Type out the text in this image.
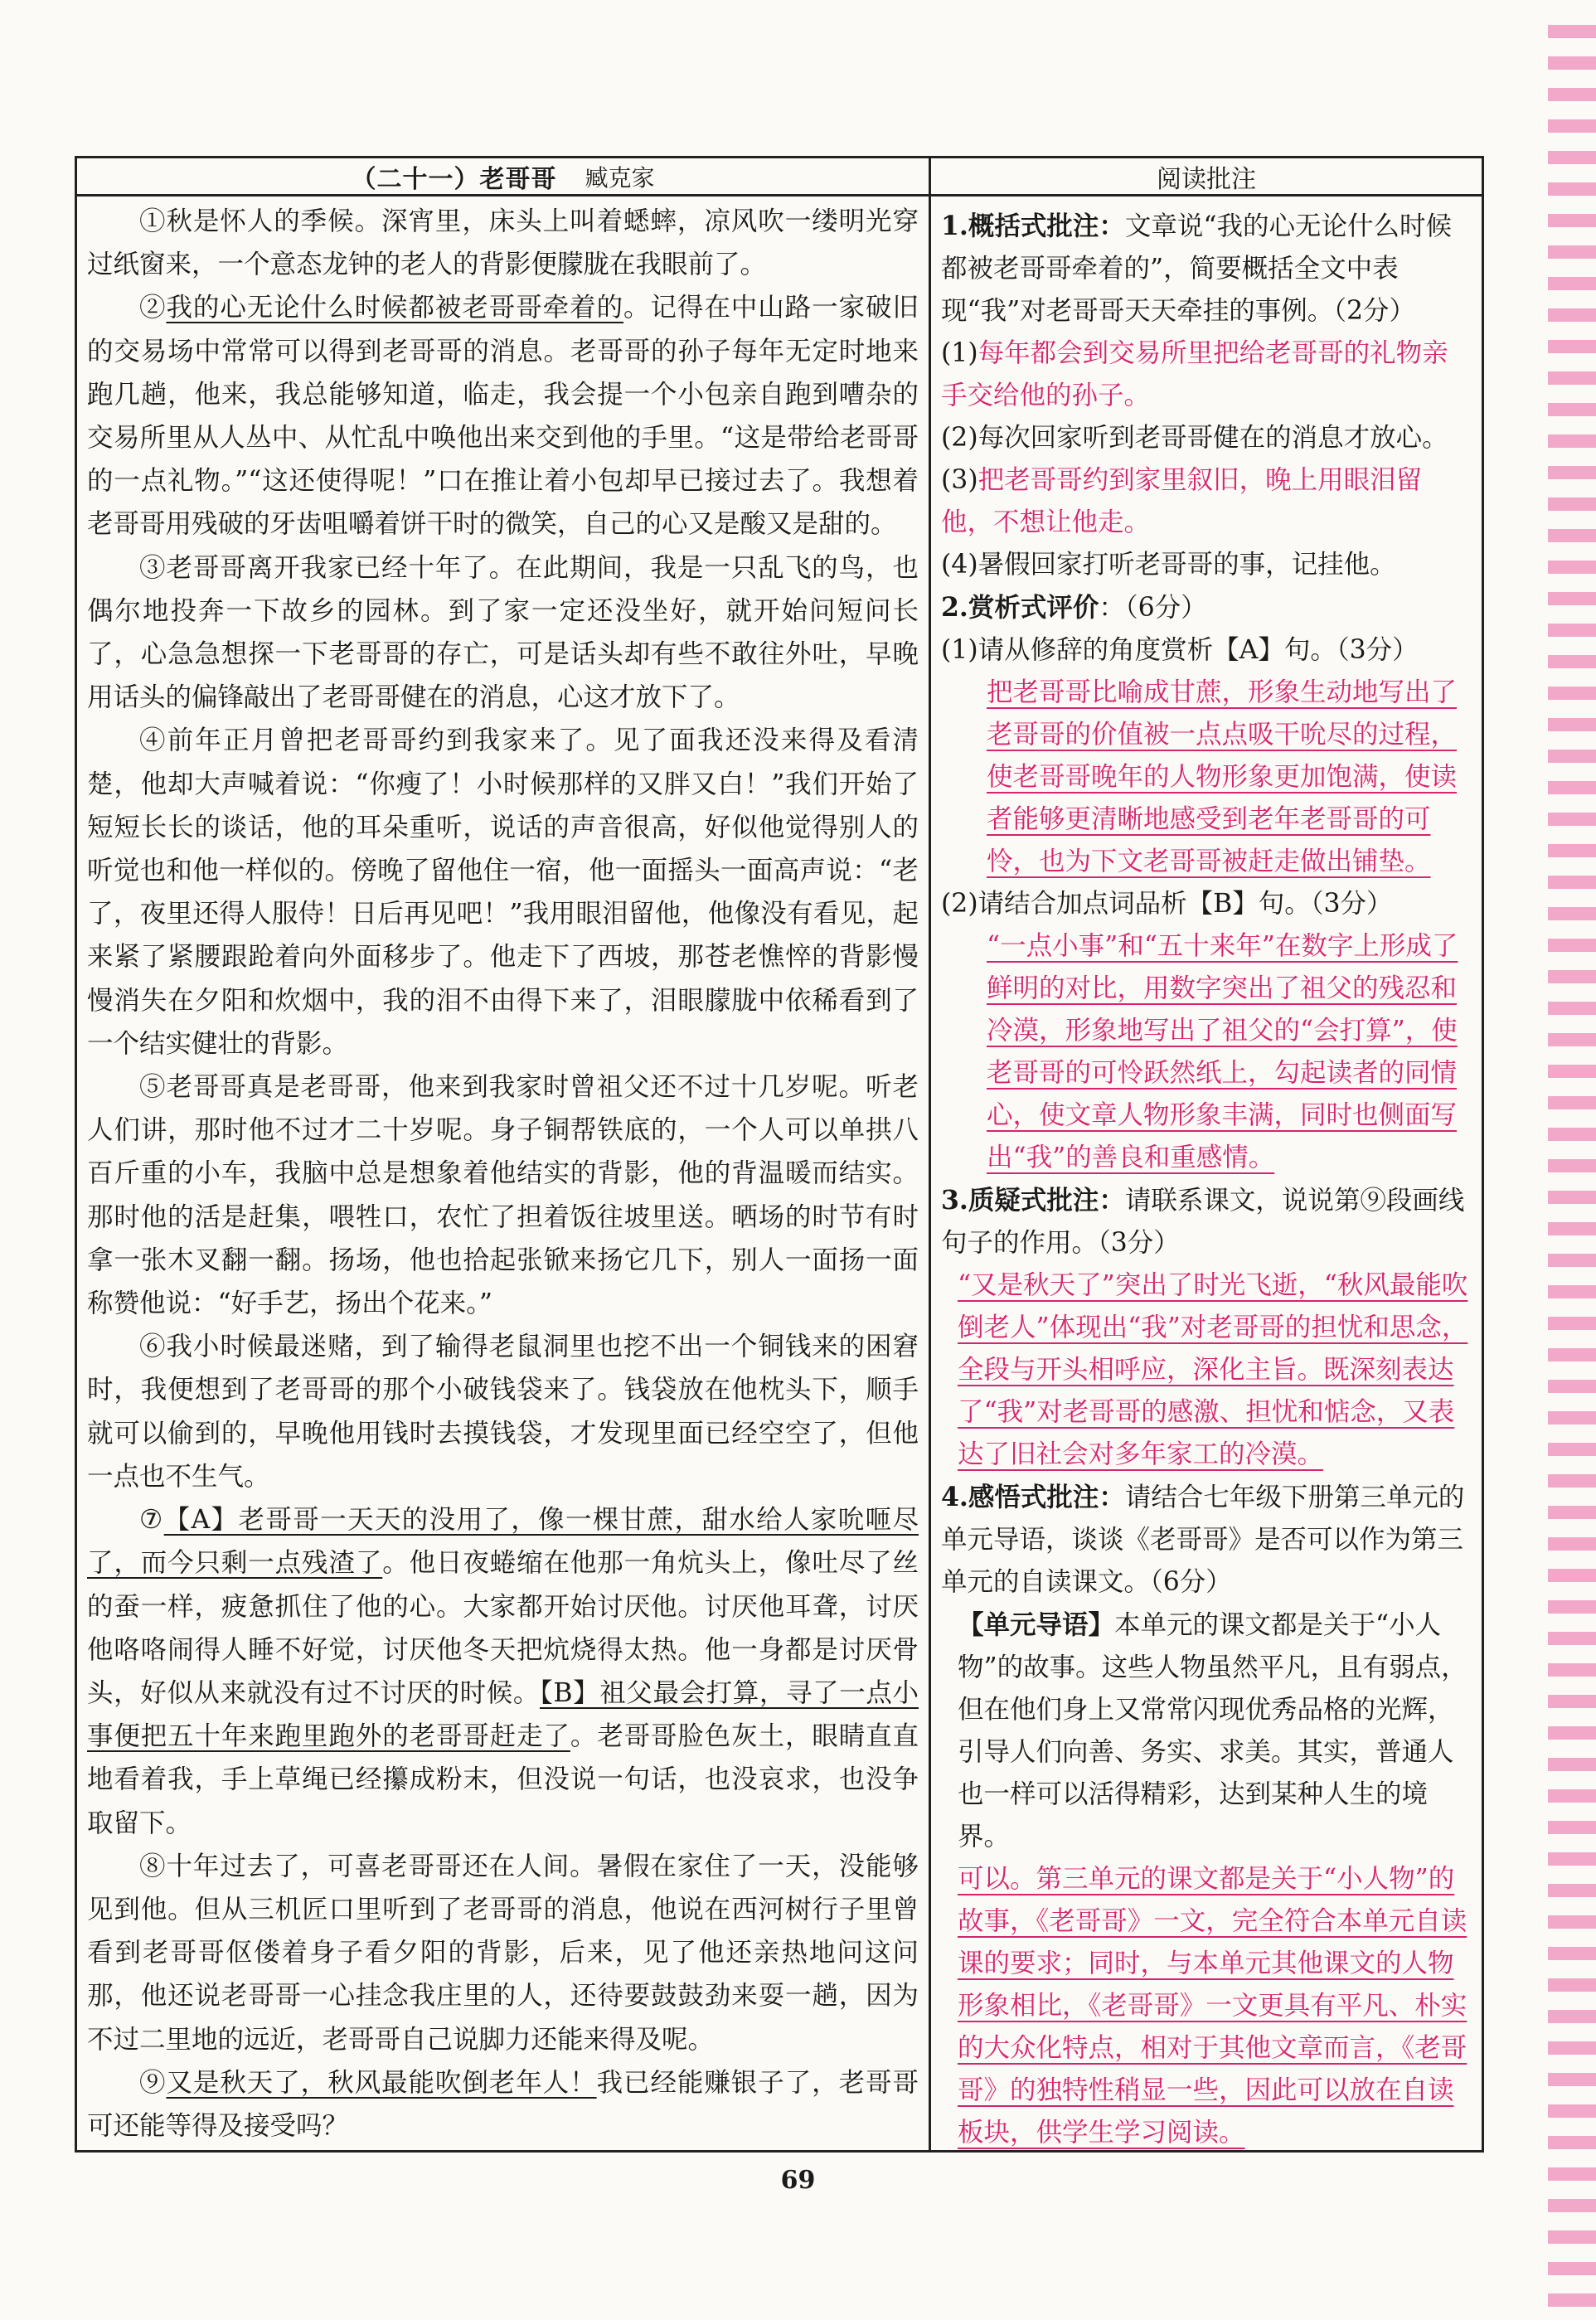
（二十一）老哥哥 臧克家

①秋是怀人的季候。深宵里，床头上叫着蟋蟀，凉风吹一缕明光穿过纸窗来，一个意态龙钟的老人的背影便朦胧在我眼前了。

②我的心无论什么时候都被老哥哥牵着的。记得在中山路一家破旧的交易场中常常可以得到老哥哥的消息。老哥哥的孙子每年无定时地来跑几趟，他来，我总能够知道，临走，我会提一个小包亲自跑到嘈杂的交易所里从人丛中、从忙乱中唤他出来交到他的手里。“这是带给老哥哥的一点礼物。”“这还使得呢！”口在推让着小包却早已接过去了。我想着老哥哥用残破的牙齿咀嚼着饼干时的微笑，自己的心又是酸又是甜的。

③老哥哥离开我家已经十年了。在此期间，我是一只乱飞的鸟，也偶尔地投奔一下故乡的园林。到了家一定还没坐好，就开始问短问长了，心急急想探一下老哥哥的存亡，可是话头却有些不敢往外吐，早晚用话头的偏锋敲出了老哥哥健在的消息，心这才放下了。

④前年正月曾把老哥哥约到我家来了。见了面我还没来得及看清楚，他却大声喊着说：“你瘦了！小时候那样的又胖又白！”我们开始了短短长长的谈话，他的耳朵重听，说话的声音很高，好似他觉得别人的听觉也和他一样似的。傍晚了留他住一宿，他一面摇头一面高声说：“老了，夜里还得人服侍！日后再见吧！”我用眼泪留他，他像没有看见，起来紧了紧腰跟跄着向外面移步了。他走下了西坡，那苍老憔悴的背影慢慢消失在夕阳和炊烟中，我的泪不由得下来了，泪眼朦胧中依稀看到了一个结实健壮的背影。

⑤老哥哥真是老哥哥，他来到我家时曾祖父还不过十几岁呢。听老人们讲，那时他不过才二十岁呢。身子铜帮铁底的，一个人可以单拱八百斤重的小车，我脑中总是想象着他结实的背影，他的背温暖而结实。那时他的活是赶集，喂牲口，农忙了担着饭往坡里送。晒场的时节有时拿一张木叉翻一翻。扬场，他也拾起张锨来扬它几下，别人一面扬一面称赞他说：“好手艺，扬出个花来。”

⑥我小时候最迷赌，到了输得老鼠洞里也挖不出一个铜钱来的困窘时，我便想到了老哥哥的那个小破钱袋来了。钱袋放在他枕头下，顺手就可以偷到的，早晚他用钱时去摸钱袋，才发现里面已经空空了，但他一点也不生气。

⑦【A】老哥哥一天天的没用了，像一棵甘蔗，甜水给人家吮咂尽了，而今只剩一点残渣了。他日夜蜷缩在他那一角炕头上，像吐尽了丝的蚕一样，疲惫抓住了他的心。大家都开始讨厌他。讨厌他耳聋，讨厌他咯咯闹得人睡不好觉，讨厌他冬天把炕烧得太热。他一身都是讨厌骨头，好似从来就没有过不讨厌的时候。【B】祖父最会打算，寻了一点小事便把五十年来跑里跑外的老哥哥赶走了。老哥哥脸色灰土，眼睛直直地看着我，手上草绳已经攥成粉末，但没说一句话，也没哀求，也没争取留下。

⑧十年过去了，可喜老哥哥还在人间。暑假在家住了一天，没能够见到他。但从三机匠口里听到了老哥哥的消息，他说在西河树行子里曾看到老哥哥伛偻着身子看夕阳的背影，后来，见了他还亲热地问这问那，他还说老哥哥一心挂念我庄里的人，还待要鼓鼓劲来耍一趟，因为不过二里地的远近，老哥哥自己说脚力还能来得及呢。

⑨又是秋天了，秋风最能吹倒老年人！我已经能赚银子了，老哥哥可还能等得及接受吗？

阅读批注

1.概括式批注：文章说“我的心无论什么时候都被老哥哥牵着的”，简要概括全文中表现“我”对老哥哥天天牵挂的事例。（2分）

(1)每年都会到交易所里把给老哥哥的礼物亲手交给他的孙子。

(2)每次回家听到老哥哥健在的消息才放心。

(3)把老哥哥约到家里叙旧，晚上用眼泪留他，不想让他走。

(4)暑假回家打听老哥哥的事，记挂他。

2.赏析式评价：（6分）

(1)请从修辞的角度赏析【A】句。（3分）

把老哥哥比喻成甘蔗，形象生动地写出了老哥哥的价值被一点点吸干吮尽的过程，使老哥哥晚年的人物形象更加饱满，使读者能够更清晰地感受到老年老哥哥的可怜，也为下文老哥哥被赶走做出铺垫。

(2)请结合加点词品析【B】句。（3分）

“一点小事”和“五十来年”在数字上形成了鲜明的对比，用数字突出了祖父的残忍和冷漠，形象地写出了祖父的“会打算”，使老哥哥的可怜跃然纸上，勾起读者的同情心，使文章人物形象丰满，同时也侧面写出“我”的善良和重感情。

3.质疑式批注：请联系课文，说说第⑨段画线句子的作用。（3分）

“又是秋天了”突出了时光飞逝，“秋风最能吹倒老人”体现出“我”对老哥哥的担忧和思念，全段与开头相呼应，深化主旨。既深刻表达了“我”对老哥哥的感激、担忧和惦念，又表达了旧社会对多年家工的冷漠。

4.感悟式批注：请结合七年级下册第三单元的单元导语，谈谈《老哥哥》是否可以作为第三单元的自读课文。（6分）

【单元导语】本单元的课文都是关于“小人物”的故事。这些人物虽然平凡，且有弱点，但在他们身上又常常闪现优秀品格的光辉，引导人们向善、务实、求美。其实，普通人也一样可以活得精彩，达到某种人生的境界。

可以。第三单元的课文都是关于“小人物”的故事，《老哥哥》一文，完全符合本单元自读课的要求；同时，与本单元其他课文的人物形象相比，《老哥哥》一文更具有平凡、朴实的大众化特点，相对于其他文章而言，《老哥哥》的独特性稍显一些，因此可以放在自读板块，供学生学习阅读。

69
